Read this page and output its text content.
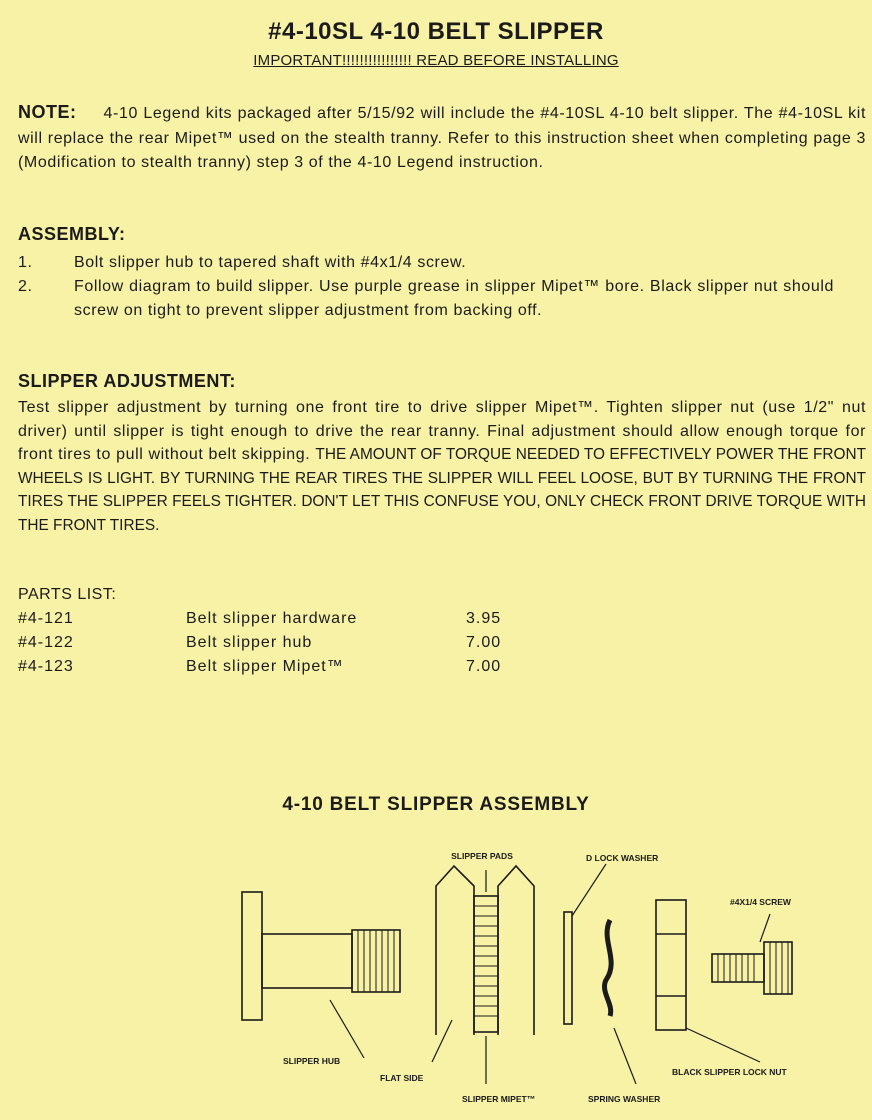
#4-10SL 4-10 BELT SLIPPER
IMPORTANT!!!!!!!!!!!!!!!! READ BEFORE INSTALLING
NOTE: 4-10 Legend kits packaged after 5/15/92 will include the #4-10SL 4-10 belt slipper. The #4-10SL kit will replace the rear Mipet™ used on the stealth tranny. Refer to this instruction sheet when completing page 3 (Modification to stealth tranny) step 3 of the 4-10 Legend instruction.
ASSEMBLY:
1.	Bolt slipper hub to tapered shaft with #4x1/4 screw.
2.	Follow diagram to build slipper. Use purple grease in slipper Mipet™ bore. Black slipper nut should screw on tight to prevent slipper adjustment from backing off.
SLIPPER ADJUSTMENT:
Test slipper adjustment by turning one front tire to drive slipper Mipet™. Tighten slipper nut (use 1/2" nut driver) until slipper is tight enough to drive the rear tranny. Final adjustment should allow enough torque for front tires to pull without belt skipping. THE AMOUNT OF TORQUE NEEDED TO EFFECTIVELY POWER THE FRONT WHEELS IS LIGHT. BY TURNING THE REAR TIRES THE SLIPPER WILL FEEL LOOSE, BUT BY TURNING THE FRONT TIRES THE SLIPPER FEELS TIGHTER. DON'T LET THIS CONFUSE YOU, ONLY CHECK FRONT DRIVE TORQUE WITH THE FRONT TIRES.
PARTS LIST:
#4-121	Belt slipper hardware	3.95
#4-122	Belt slipper hub	7.00
#4-123	Belt slipper Mipet™	7.00
4-10 BELT SLIPPER ASSEMBLY
SLIPPER PADS	D LOCK WASHER
#4X1/4 SCREW
SLIPPER HUB
FLAT SIDE
SLIPPER MIPET™	SPRING WASHER
BLACK SLIPPER LOCK NUT
